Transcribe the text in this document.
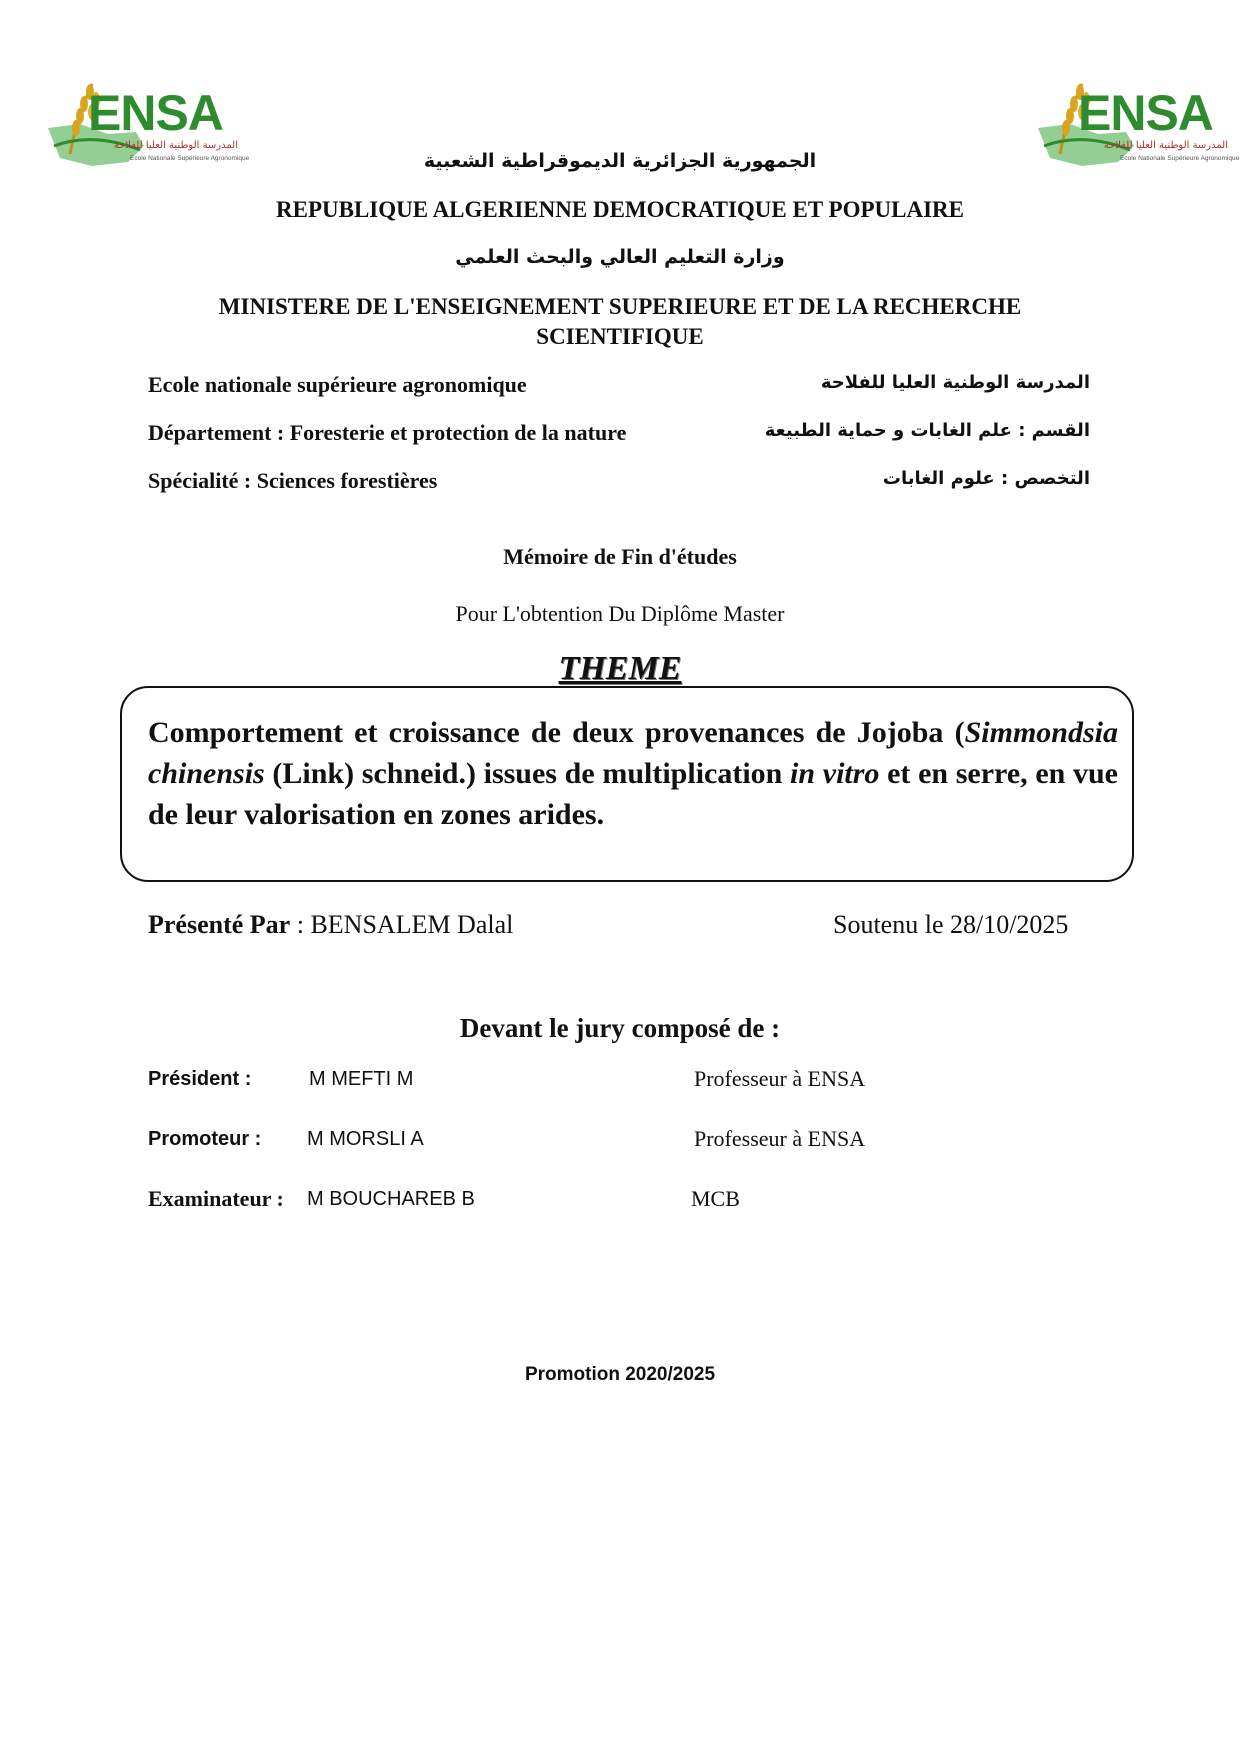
ENSA
المدرسة الوطنية العليا للفلاحة
Ecole Nationale Supérieure Agronomique
ENSA
المدرسة الوطنية العليا للفلاحة
Ecole Nationale Supérieure Agronomique
الجمهورية الجزائرية الديموقراطية الشعبية
REPUBLIQUE ALGERIENNE DEMOCRATIQUE ET POPULAIRE
وزارة التعليم العالي والبحث العلمي
MINISTERE DE L'ENSEIGNEMENT SUPERIEURE ET DE LA RECHERCHE
SCIENTIFIQUE
Ecole nationale supérieure agronomique	المدرسة الوطنية العليا للفلاحة
Département : Foresterie et protection de la nature	القسم : علم الغابات و حماية الطبيعة
Spécialité : Sciences forestières	التخصص : علوم الغابات
Mémoire de Fin d'études
Pour L'obtention Du Diplôme Master
THEME
Comportement et croissance de deux provenances de Jojoba (Simmondsia chinensis (Link) schneid.) issues de multiplication in vitro et en serre, en vue de leur valorisation en zones arides.
Présenté Par : BENSALEM Dalal	Soutenu le 28/10/2025
Devant le jury composé de :
Président :	M MEFTI M	Professeur à ENSA
Promoteur : M MORSLI A	Professeur à ENSA
Examinateur : M BOUCHAREB B	MCB
Promotion 2020/2025
